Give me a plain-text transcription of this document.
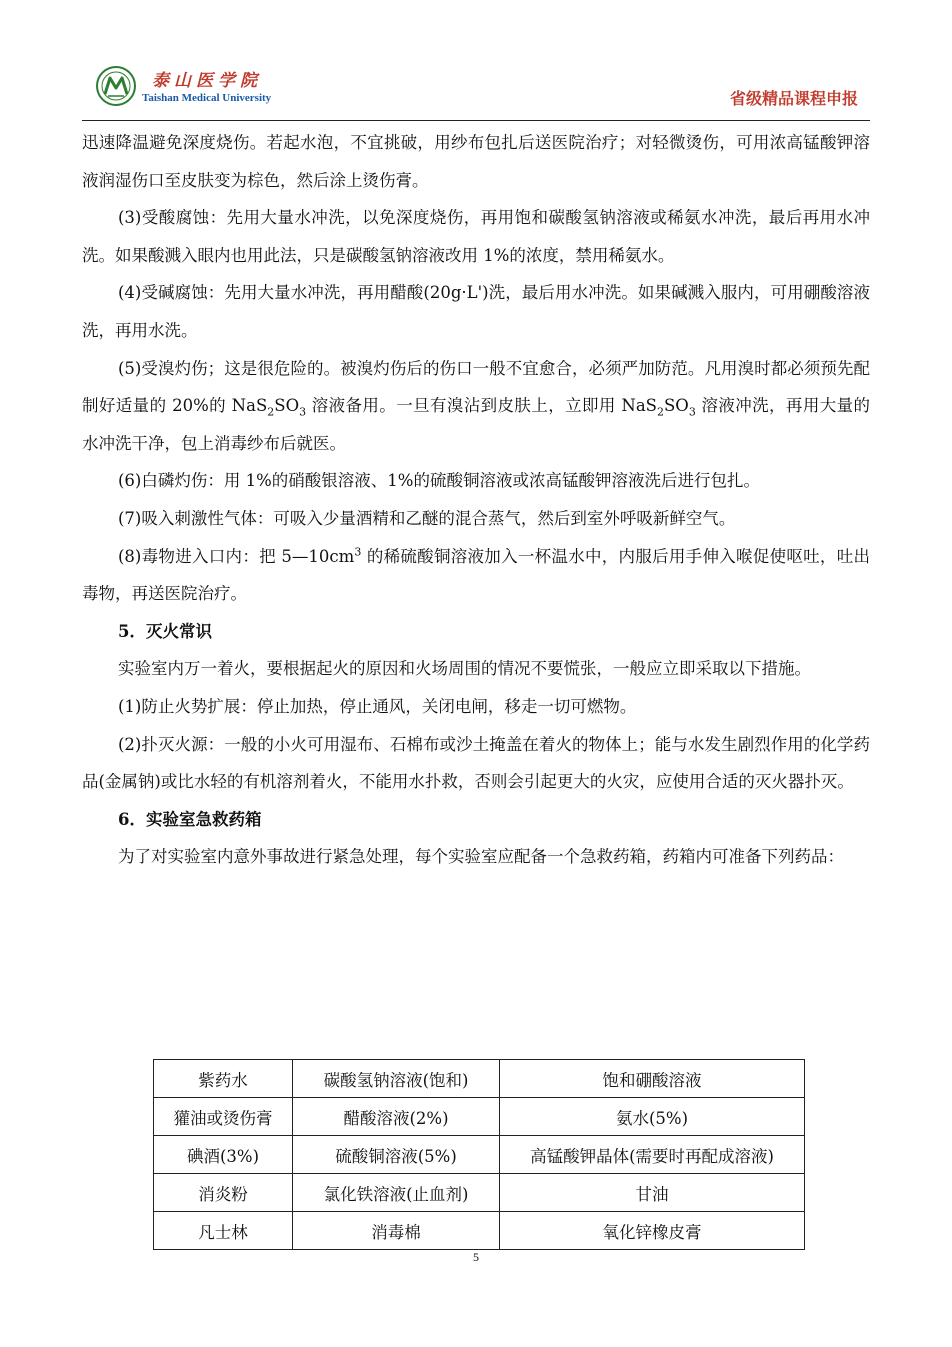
泰山医学院
Taishan Medical University	省级精品课程申报

迅速降温避免深度烧伤。若起水泡，不宜挑破，用纱布包扎后送医院治疗；对轻微烫伤，可用浓高锰酸钾溶液润湿伤口至皮肤变为棕色，然后涂上烫伤膏。

(3)受酸腐蚀：先用大量水冲洗，以免深度烧伤，再用饱和碳酸氢钠溶液或稀氨水冲洗，最后再用水冲洗。如果酸溅入眼内也用此法，只是碳酸氢钠溶液改用 1%的浓度，禁用稀氨水。

(4)受碱腐蚀：先用大量水冲洗，再用醋酸(20g·L')洗，最后用水冲洗。如果碱溅入服内，可用硼酸溶液洗，再用水洗。

(5)受溴灼伤；这是很危险的。被溴灼伤后的伤口一般不宜愈合，必须严加防范。凡用溴时都必须预先配制好适量的 20%的 $NaS_2SO_3$ 溶液备用。一旦有溴沾到皮肤上，立即用 $NaS_2SO_3$ 溶液冲洗，再用大量的水冲洗干净，包上消毒纱布后就医。

(6)白磷灼伤：用 1%的硝酸银溶液、1%的硫酸铜溶液或浓高锰酸钾溶液洗后进行包扎。

(7)吸入刺激性气体：可吸入少量酒精和乙醚的混合蒸气，然后到室外呼吸新鲜空气。

(8)毒物进入口内：把 $5—10cm^3$ 的稀硫酸铜溶液加入一杯温水中，内服后用手伸入喉促使呕吐，吐出毒物，再送医院治疗。

5．灭火常识

实验室内万一着火，要根据起火的原因和火场周围的情况不要慌张，一般应立即采取以下措施。

(1)防止火势扩展：停止加热，停止通风，关闭电闸，移走一切可燃物。

(2)扑灭火源：一般的小火可用湿布、石棉布或沙土掩盖在着火的物体上；能与水发生剧烈作用的化学药品(金属钠)或比水轻的有机溶剂着火，不能用水扑救，否则会引起更大的火灾，应使用合适的灭火器扑灭。

6．实验室急救药箱

为了对实验室内意外事故进行紧急处理，每个实验室应配备一个急救药箱，药箱内可准备下列药品：

紫药水	碳酸氢钠溶液(饱和)	饱和硼酸溶液
獾油或烫伤膏	醋酸溶液(2%)	氨水(5%)
碘酒(3%)	硫酸铜溶液(5%)	高锰酸钾晶体(需要时再配成溶液)
消炎粉	氯化铁溶液(止血剂)	甘油
凡士林	消毒棉	氧化锌橡皮膏
5
